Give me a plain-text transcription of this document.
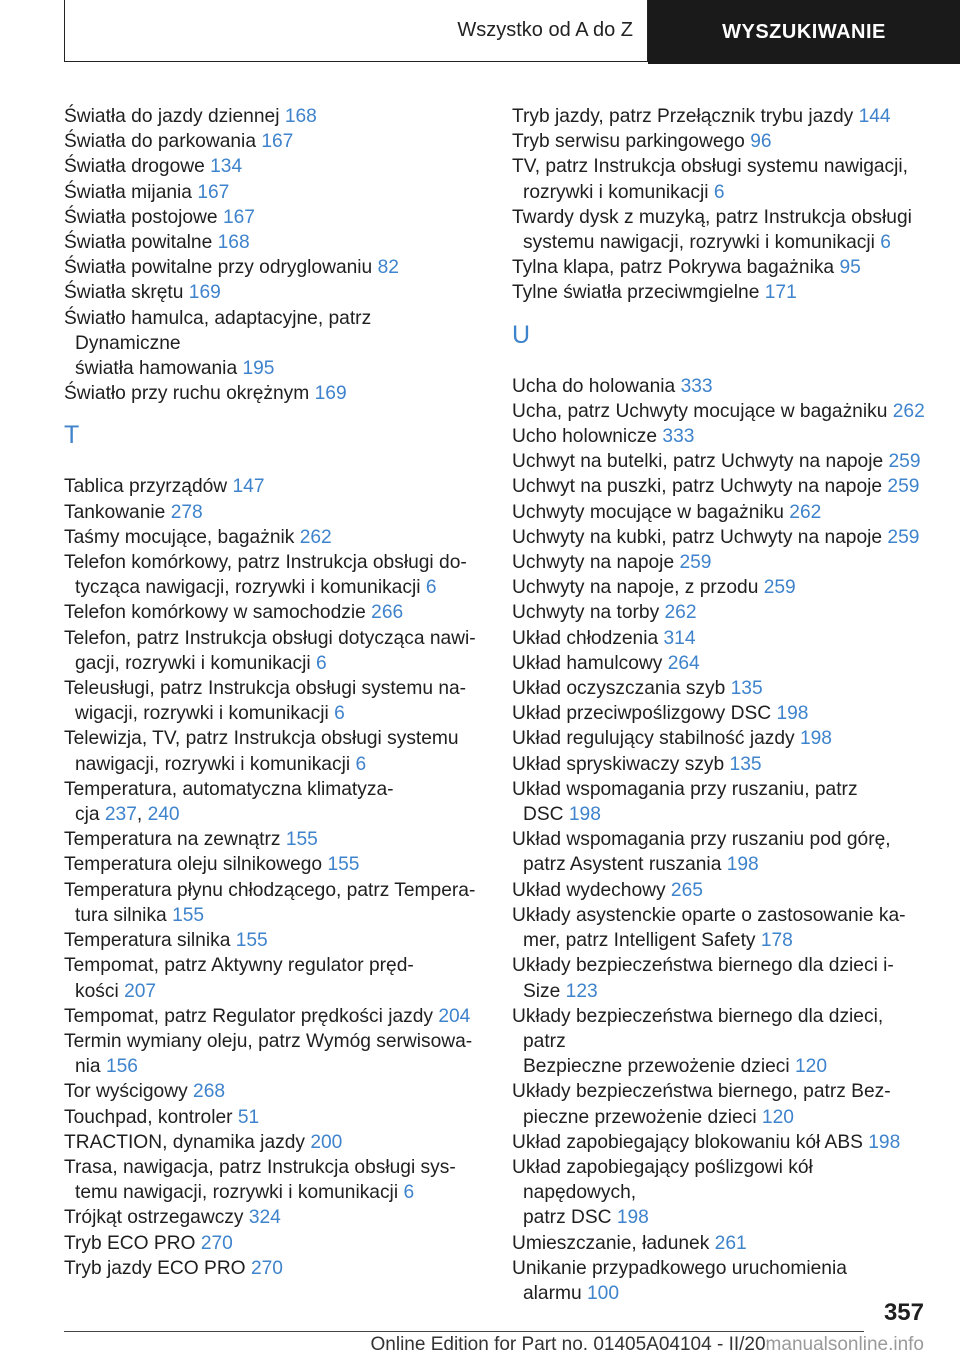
Wszystko od A do Z	WYSZUKIWANIE
Światła do jazdy dziennej 168
Światła do parkowania 167
Światła drogowe 134
Światła mijania 167
Światła postojowe 167
Światła powitalne 168
Światła powitalne przy odryglowaniu 82
Światła skrętu 169
Światło hamulca, adaptacyjne, patrz Dynamiczne
światła hamowania 195
Światło przy ruchu okrężnym 169
T
Tablica przyrządów 147
Tankowanie 278
Taśmy mocujące, bagażnik 262
Telefon komórkowy, patrz Instrukcja obsługi do-
tycząca nawigacji, rozrywki i komunikacji 6
Telefon komórkowy w samochodzie 266
Telefon, patrz Instrukcja obsługi dotycząca nawi-
gacji, rozrywki i komunikacji 6
Teleusługi, patrz Instrukcja obsługi systemu na-
wigacji, rozrywki i komunikacji 6
Telewizja, TV, patrz Instrukcja obsługi systemu
nawigacji, rozrywki i komunikacji 6
Temperatura, automatyczna klimatyza-
cja 237, 240
Temperatura na zewnątrz 155
Temperatura oleju silnikowego 155
Temperatura płynu chłodzącego, patrz Tempera-
tura silnika 155
Temperatura silnika 155
Tempomat, patrz Aktywny regulator pręd-
kości 207
Tempomat, patrz Regulator prędkości jazdy 204
Termin wymiany oleju, patrz Wymóg serwisowa-
nia 156
Tor wyścigowy 268
Touchpad, kontroler 51
TRACTION, dynamika jazdy 200
Trasa, nawigacja, patrz Instrukcja obsługi sys-
temu nawigacji, rozrywki i komunikacji 6
Trójkąt ostrzegawczy 324
Tryb ECO PRO 270
Tryb jazdy ECO PRO 270
Tryb jazdy, patrz Przełącznik trybu jazdy 144
Tryb serwisu parkingowego 96
TV, patrz Instrukcja obsługi systemu nawigacji,
rozrywki i komunikacji 6
Twardy dysk z muzyką, patrz Instrukcja obsługi
systemu nawigacji, rozrywki i komunikacji 6
Tylna klapa, patrz Pokrywa bagażnika 95
Tylne światła przeciwmgielne 171
U
Ucha do holowania 333
Ucha, patrz Uchwyty mocujące w bagażniku 262
Ucho holownicze 333
Uchwyt na butelki, patrz Uchwyty na napoje 259
Uchwyt na puszki, patrz Uchwyty na napoje 259
Uchwyty mocujące w bagażniku 262
Uchwyty na kubki, patrz Uchwyty na napoje 259
Uchwyty na napoje 259
Uchwyty na napoje, z przodu 259
Uchwyty na torby 262
Układ chłodzenia 314
Układ hamulcowy 264
Układ oczyszczania szyb 135
Układ przeciwpoślizgowy DSC 198
Układ regulujący stabilność jazdy 198
Układ spryskiwaczy szyb 135
Układ wspomagania przy ruszaniu, patrz
DSC 198
Układ wspomagania przy ruszaniu pod górę,
patrz Asystent ruszania 198
Układ wydechowy 265
Układy asystenckie oparte o zastosowanie ka-
mer, patrz Intelligent Safety 178
Układy bezpieczeństwa biernego dla dzieci i-
Size 123
Układy bezpieczeństwa biernego dla dzieci, patrz
Bezpieczne przewożenie dzieci 120
Układy bezpieczeństwa biernego, patrz Bez-
pieczne przewożenie dzieci 120
Układ zapobiegający blokowaniu kół ABS 198
Układ zapobiegający poślizgowi kół napędowych,
patrz DSC 198
Umieszczanie, ładunek 261
Unikanie przypadkowego uruchomienia
alarmu 100
357
Online Edition for Part no. 01405A04104 - II/20manualsonline.info
